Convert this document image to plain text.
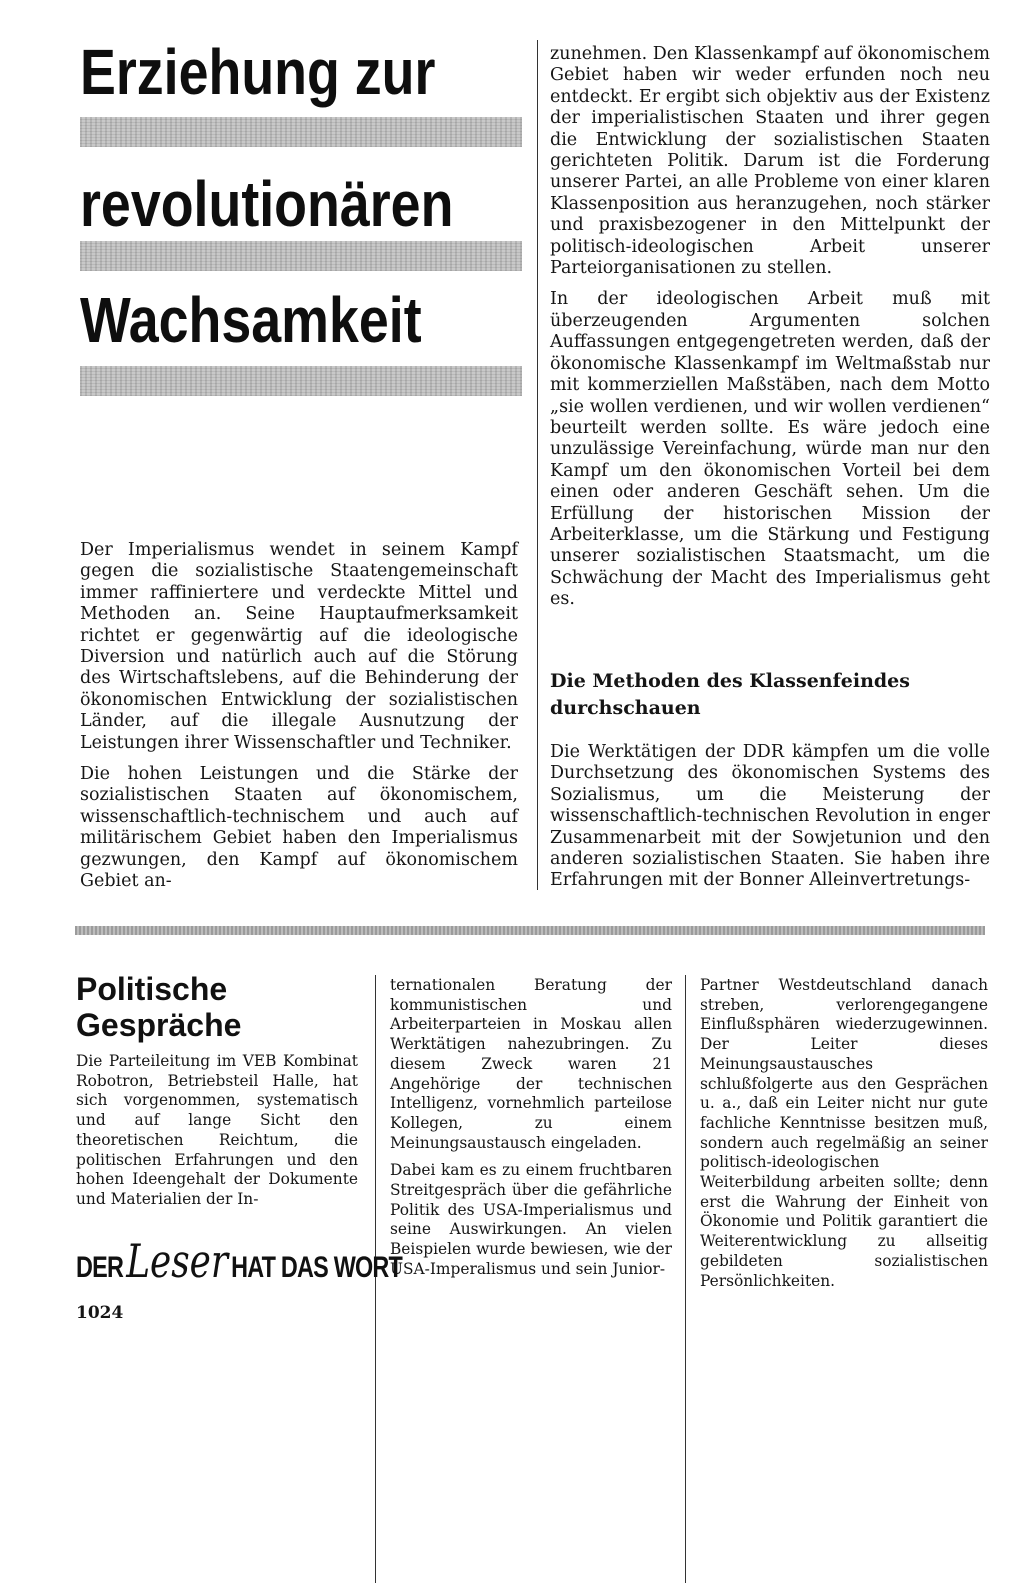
Erziehung zur
revolutionären
Wachsamkeit

Der Imperialismus wendet in seinem Kampf gegen die sozialistische Staatengemeinschaft immer raffiniertere und verdeckte Mittel und Methoden an. Seine Hauptaufmerksamkeit richtet er gegenwärtig auf die ideologische Diversion und natürlich auch auf die Störung des Wirtschaftslebens, auf die Behinderung der ökonomischen Entwicklung der sozialistischen Länder, auf die illegale Ausnutzung der Leistungen ihrer Wissenschaftler und Techniker.

Die hohen Leistungen und die Stärke der sozialistischen Staaten auf ökonomischem, wissenschaftlich-technischem und auch auf militärischem Gebiet haben den Imperialismus gezwungen, den Kampf auf ökonomischem Gebiet an-

zunehmen. Den Klassenkampf auf ökonomischem Gebiet haben wir weder erfunden noch neu entdeckt. Er ergibt sich objektiv aus der Existenz der imperialistischen Staaten und ihrer gegen die Entwicklung der sozialistischen Staaten gerichteten Politik. Darum ist die Forderung unserer Partei, an alle Probleme von einer klaren Klassenposition aus heranzugehen, noch stärker und praxisbezogener in den Mittelpunkt der politisch-ideologischen Arbeit unserer Parteiorganisationen zu stellen.

In der ideologischen Arbeit muß mit überzeugenden Argumenten solchen Auffassungen entgegengetreten werden, daß der ökonomische Klassenkampf im Weltmaßstab nur mit kommerziellen Maßstäben, nach dem Motto „sie wollen verdienen, und wir wollen verdienen“ beurteilt werden sollte. Es wäre jedoch eine unzulässige Vereinfachung, würde man nur den Kampf um den ökonomischen Vorteil bei dem einen oder anderen Geschäft sehen. Um die Erfüllung der historischen Mission der Arbeiterklasse, um die Stärkung und Festigung unserer sozialistischen Staatsmacht, um die Schwächung der Macht des Imperialismus geht es.

Die Methoden des Klassenfeindes durchschauen

Die Werktätigen der DDR kämpfen um die volle Durchsetzung des ökonomischen Systems des Sozialismus, um die Meisterung der wissenschaftlich-technischen Revolution in enger Zusammenarbeit mit der Sowjetunion und den anderen sozialistischen Staaten. Sie haben ihre Erfahrungen mit der Bonner Alleinvertretungs-

Politische
Gespräche

Die Parteileitung im VEB Kombinat Robotron, Betriebsteil Halle, hat sich vorgenommen, systematisch und auf lange Sicht den theoretischen Reichtum, die politischen Erfahrungen und den hohen Ideengehalt der Dokumente und Materialien der In-

ternationalen Beratung der kommunistischen und Arbeiterparteien in Moskau allen Werktätigen nahezubringen. Zu diesem Zweck waren 21 Angehörige der technischen Intelligenz, vornehmlich parteilose Kollegen, zu einem Meinungsaustausch eingeladen.

Dabei kam es zu einem fruchtbaren Streitgespräch über die gefährliche Politik des USA-Imperialismus und seine Auswirkungen. An vielen Beispielen wurde bewiesen, wie der USA-Imperalismus und sein Junior-

Partner Westdeutschland danach streben, verlorengegangene Einflußsphären wiederzugewinnen. Der Leiter dieses Meinungsaustausches schlußfolgerte aus den Gesprächen u. a., daß ein Leiter nicht nur gute fachliche Kenntnisse besitzen muß, sondern auch regelmäßig an seiner politisch-ideologischen Weiterbildung arbeiten sollte; denn erst die Wahrung der Einheit von Ökonomie und Politik garantiert die Weiterentwicklung zu allseitig gebildeten sozialistischen Persönlichkeiten.

DERLeser HAT DAS WORT
1024
